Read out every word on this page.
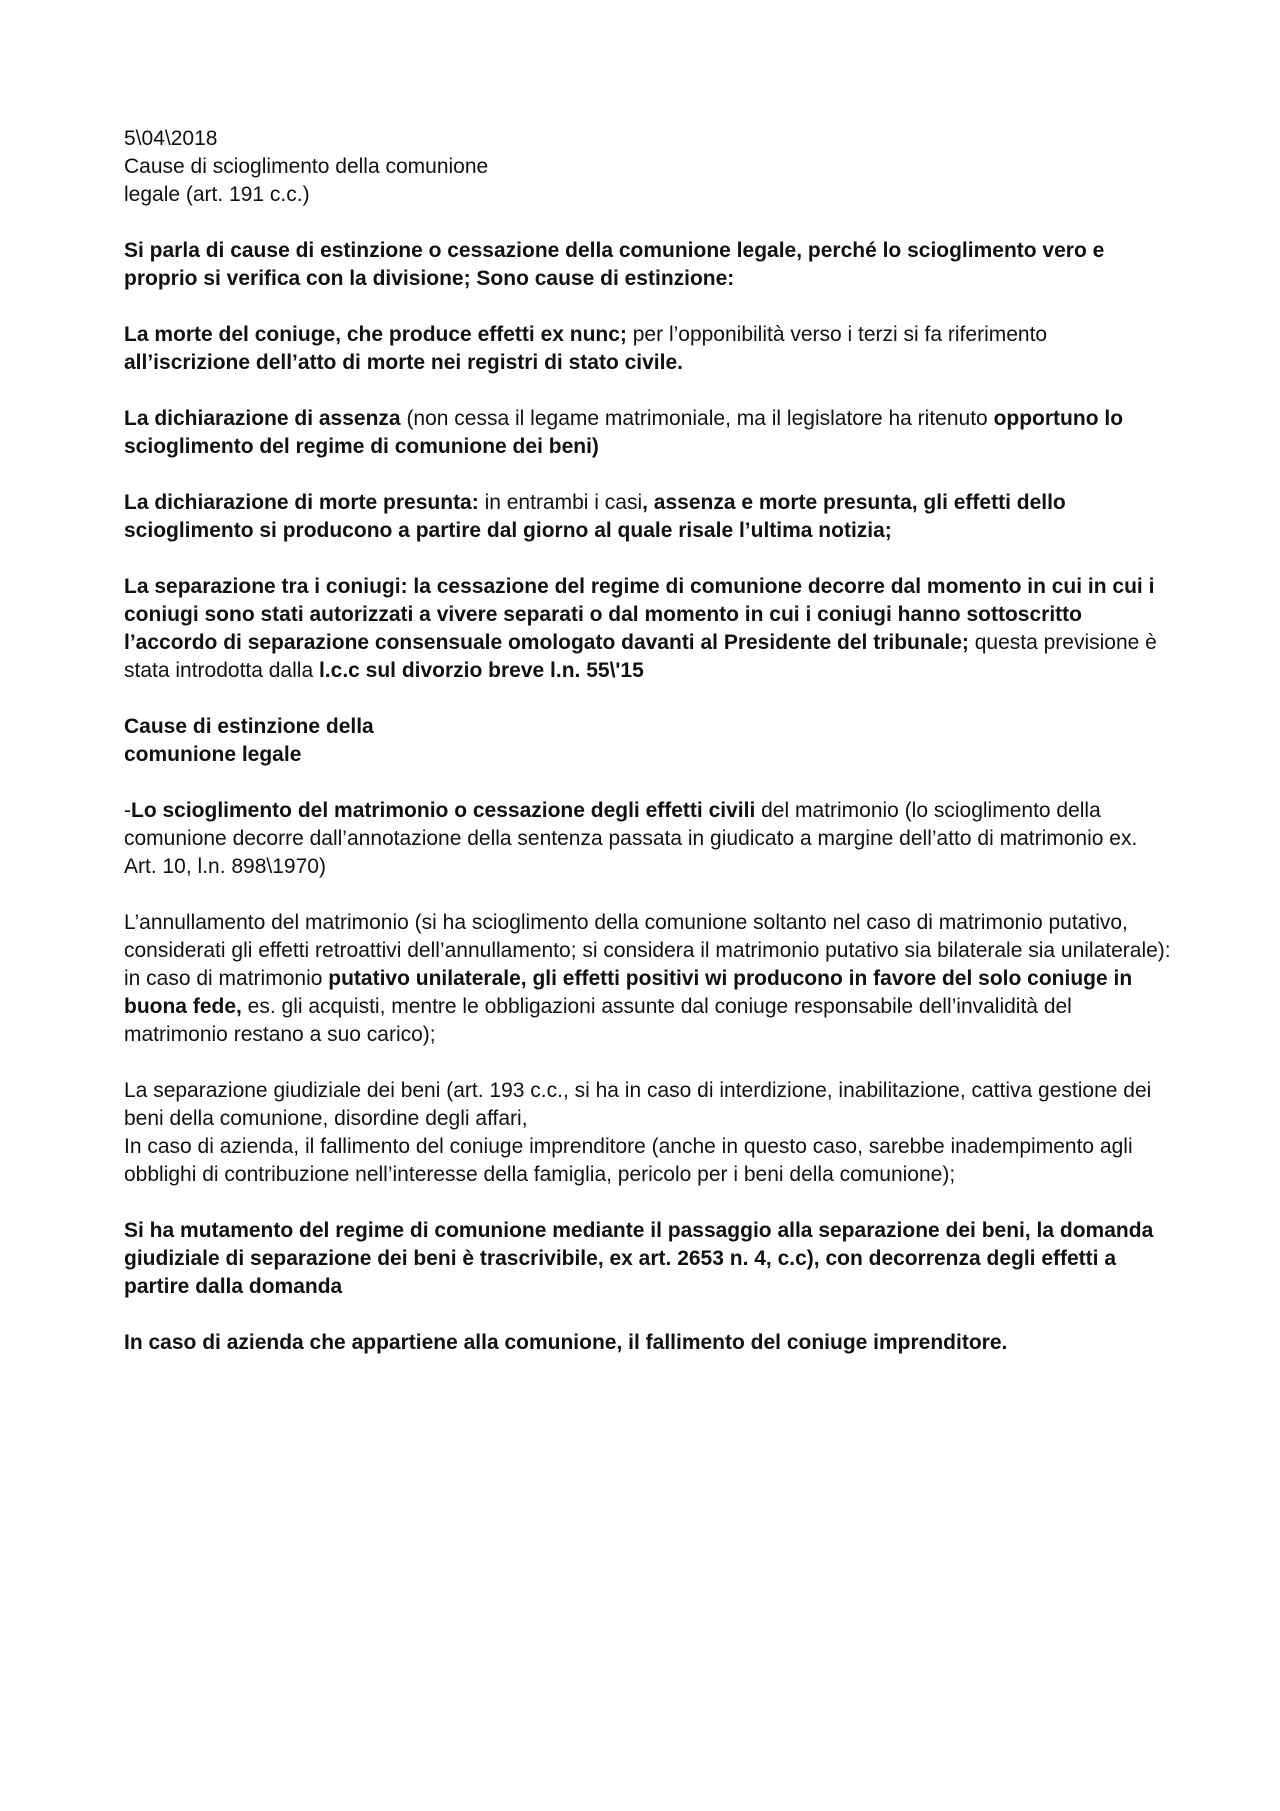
5\04\2018
Cause di scioglimento della comunione
legale (art. 191 c.c.)

Si parla di cause di estinzione o cessazione della comunione legale, perché lo scioglimento vero e proprio si verifica con la divisione; Sono cause di estinzione:

La morte del coniuge, che produce effetti ex nunc; per l’opponibilità verso i terzi si fa riferimento all’iscrizione dell’atto di morte nei registri di stato civile.

La dichiarazione di assenza (non cessa il legame matrimoniale, ma il legislatore ha ritenuto opportuno lo scioglimento del regime di comunione dei beni)

La dichiarazione di morte presunta: in entrambi i casi, assenza e morte presunta, gli effetti dello scioglimento si producono a partire dal giorno al quale risale l’ultima notizia;

La separazione tra i coniugi: la cessazione del regime di comunione decorre dal momento in cui in cui i coniugi sono stati autorizzati a vivere separati o dal momento in cui i coniugi hanno sottoscritto l’accordo di separazione consensuale omologato davanti al Presidente del tribunale; questa previsione è stata introdotta dalla l.c.c sul divorzio breve l.n. 55\'15

Cause di estinzione della
comunione legale

-Lo scioglimento del matrimonio o cessazione degli effetti civili del matrimonio (lo scioglimento della comunione decorre dall’annotazione della sentenza passata in giudicato a margine dell’atto di matrimonio ex. Art. 10, l.n. 898\1970)

L’annullamento del matrimonio (si ha scioglimento della comunione soltanto nel caso di matrimonio putativo, considerati gli effetti retroattivi dell’annullamento; si considera il matrimonio putativo sia bilaterale sia unilaterale): in caso di matrimonio putativo unilaterale, gli effetti positivi wi producono in favore del solo coniuge in buona fede, es. gli acquisti, mentre le obbligazioni assunte dal coniuge responsabile dell’invalidità del matrimonio restano a suo carico);

La separazione giudiziale dei beni (art. 193 c.c., si ha in caso di interdizione, inabilitazione, cattiva gestione dei beni della comunione, disordine degli affari,
In caso di azienda, il fallimento del coniuge imprenditore (anche in questo caso, sarebbe inadempimento agli obblighi di contribuzione nell’interesse della famiglia, pericolo per i beni della comunione);

Si ha mutamento del regime di comunione mediante il passaggio alla separazione dei beni, la domanda giudiziale di separazione dei beni è trascrivibile, ex art. 2653 n. 4, c.c), con decorrenza degli effetti a partire dalla domanda

In caso di azienda che appartiene alla comunione, il fallimento del coniuge imprenditore.
